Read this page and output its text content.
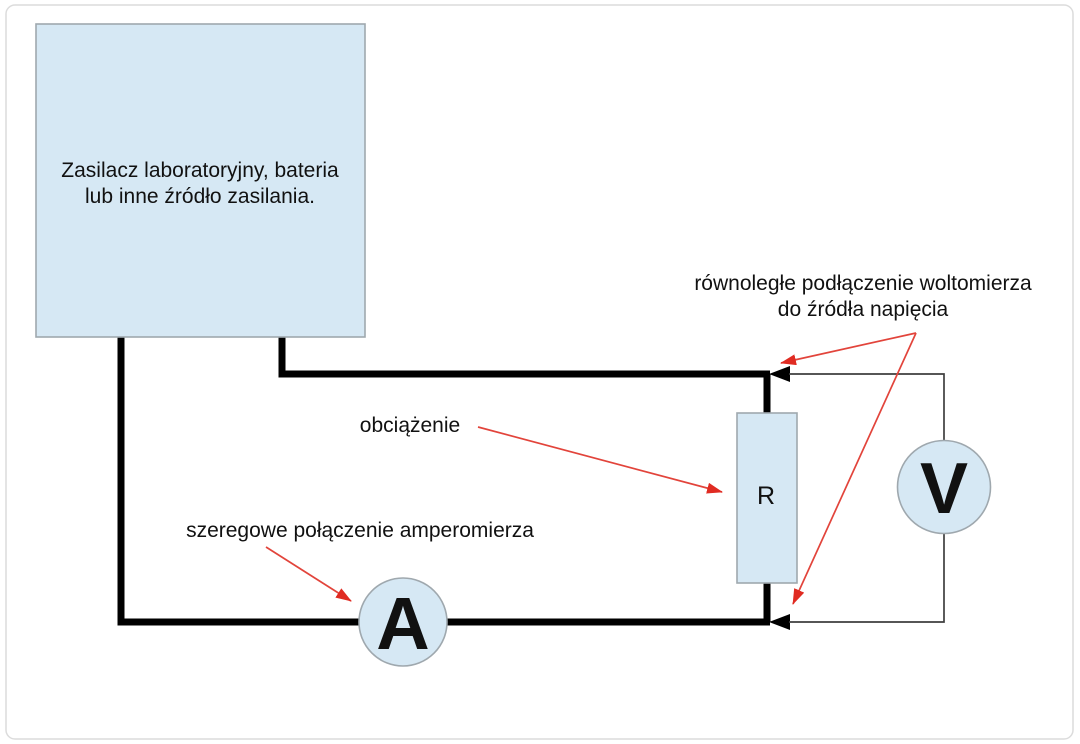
Zasilacz laboratoryjny, bateria
lub inne źródło zasilania.
R
A
V
równoległe podłączenie woltomierza
do źródła napięcia
obciążenie
szeregowe połączenie amperomierza
